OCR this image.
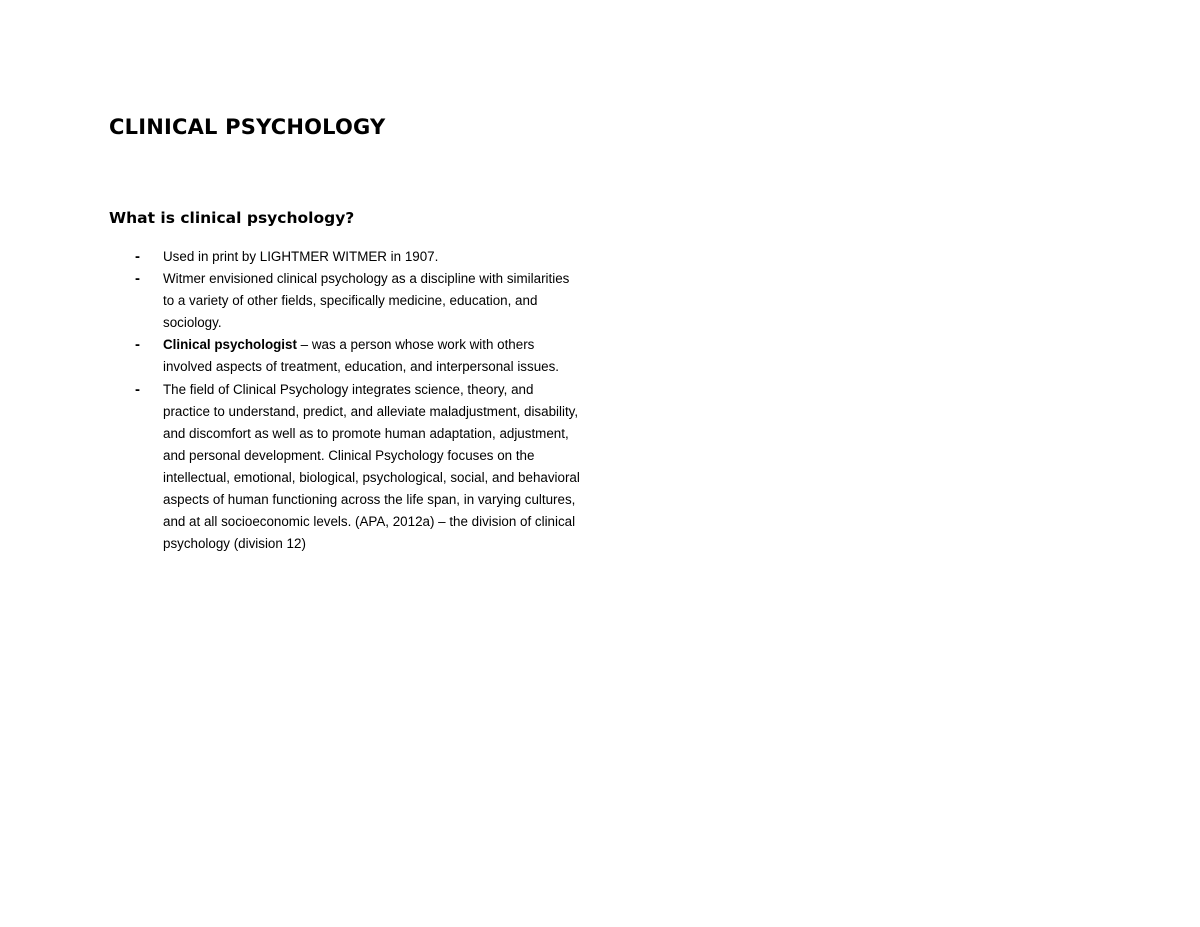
CLINICAL PSYCHOLOGY
What is clinical psychology?
- Used in print by LIGHTMER WITMER in 1907.
- Witmer envisioned clinical psychology as a discipline with similarities to a variety of other fields, specifically medicine, education, and sociology.
- Clinical psychologist – was a person whose work with others involved aspects of treatment, education, and interpersonal issues.
- The field of Clinical Psychology integrates science, theory, and practice to understand, predict, and alleviate maladjustment, disability, and discomfort as well as to promote human adaptation, adjustment, and personal development. Clinical Psychology focuses on the intellectual, emotional, biological, psychological, social, and behavioral aspects of human functioning across the life span, in varying cultures, and at all socioeconomic levels. (APA, 2012a) – the division of clinical psychology (division 12)
